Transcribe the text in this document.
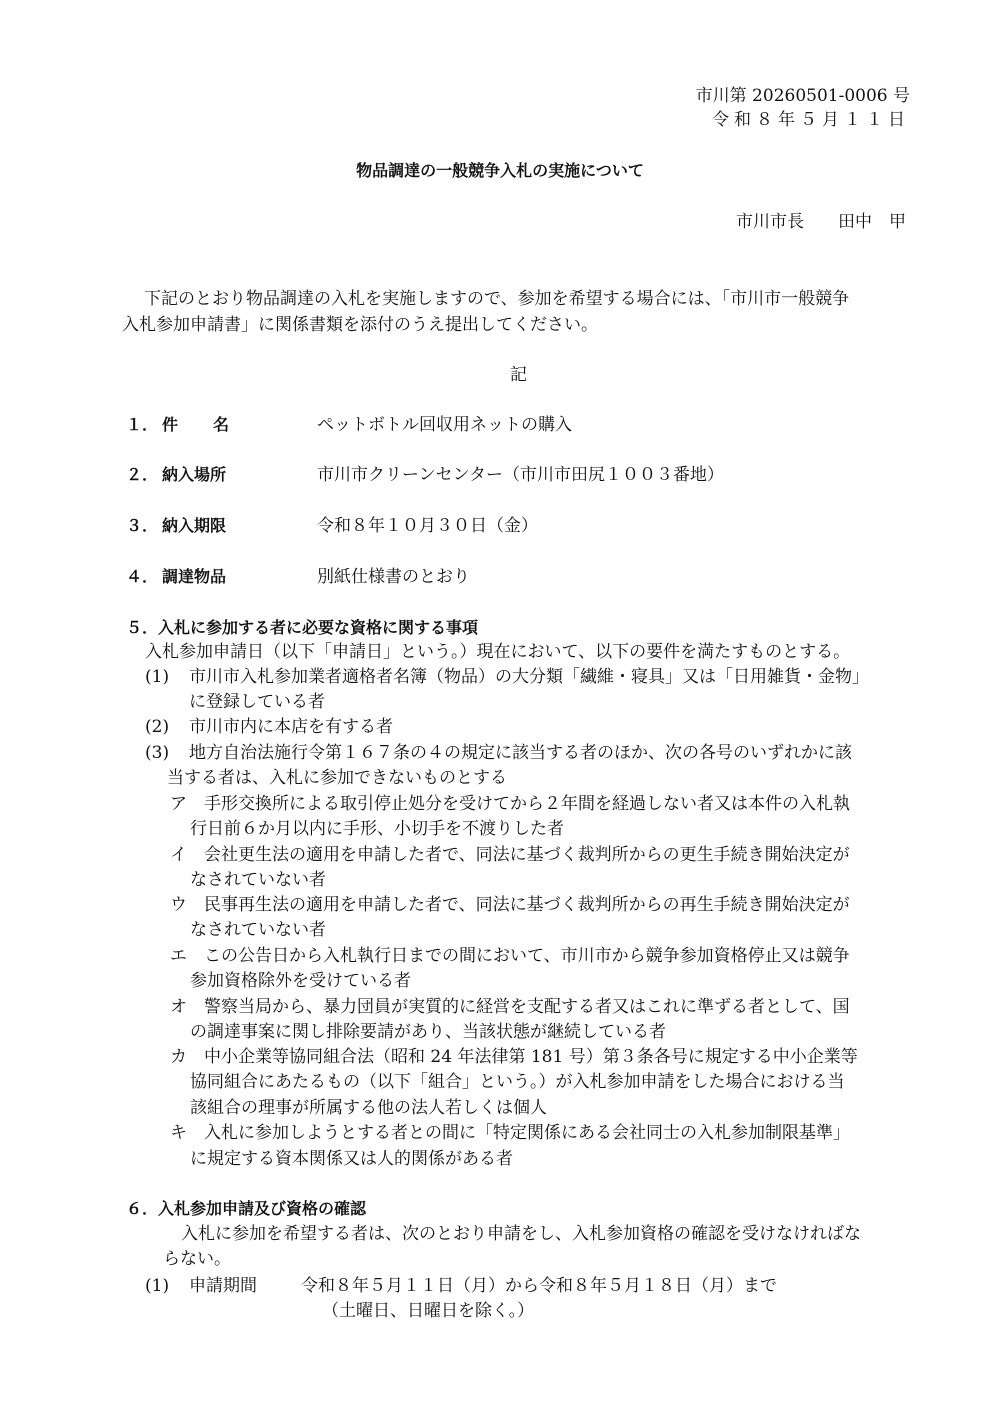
市川第 20260501-0006 号
令和８年５月１１日
物品調達の一般競争入札の実施について
市川市長　　田中　甲
下記のとおり物品調達の入札を実施しますので、参加を希望する場合には、「市川市一般競争
入札参加申請書」に関係書類を添付のうえ提出してください。
記
１． 件　　名	ペットボトル回収用ネットの購入
２． 納入場所	市川市クリーンセンター（市川市田尻１００３番地）
３． 納入期限	令和８年１０月３０日（金）
４． 調達物品	別紙仕様書のとおり
５．入札に参加する者に必要な資格に関する事項
入札参加申請日（以下「申請日」という。）現在において、以下の要件を満たすものとする。
(1) 市川市入札参加業者適格者名簿（物品）の大分類「繊維・寝具」又は「日用雑貨・金物」
に登録している者
(2) 市川市内に本店を有する者
(3) 地方自治法施行令第１６７条の４の規定に該当する者のほか、次の各号のいずれかに該
当する者は、入札に参加できないものとする
ア　手形交換所による取引停止処分を受けてから２年間を経過しない者又は本件の入札執
行日前６か月以内に手形、小切手を不渡りした者
イ　会社更生法の適用を申請した者で、同法に基づく裁判所からの更生手続き開始決定が
なされていない者
ウ　民事再生法の適用を申請した者で、同法に基づく裁判所からの再生手続き開始決定が
なされていない者
エ　この公告日から入札執行日までの間において、市川市から競争参加資格停止又は競争
参加資格除外を受けている者
オ　警察当局から、暴力団員が実質的に経営を支配する者又はこれに準ずる者として、国
の調達事案に関し排除要請があり、当該状態が継続している者
カ　中小企業等協同組合法（昭和 24 年法律第 181 号）第３条各号に規定する中小企業等
協同組合にあたるもの（以下「組合」という。）が入札参加申請をした場合における当
該組合の理事が所属する他の法人若しくは個人
キ　入札に参加しようとする者との間に「特定関係にある会社同士の入札参加制限基準」
に規定する資本関係又は人的関係がある者
６．入札参加申請及び資格の確認
入札に参加を希望する者は、次のとおり申請をし、入札参加資格の確認を受けなければな
らない。
(1) 申請期間	令和８年５月１１日（月）から令和８年５月１８日（月）まで
（土曜日、日曜日を除く。）
